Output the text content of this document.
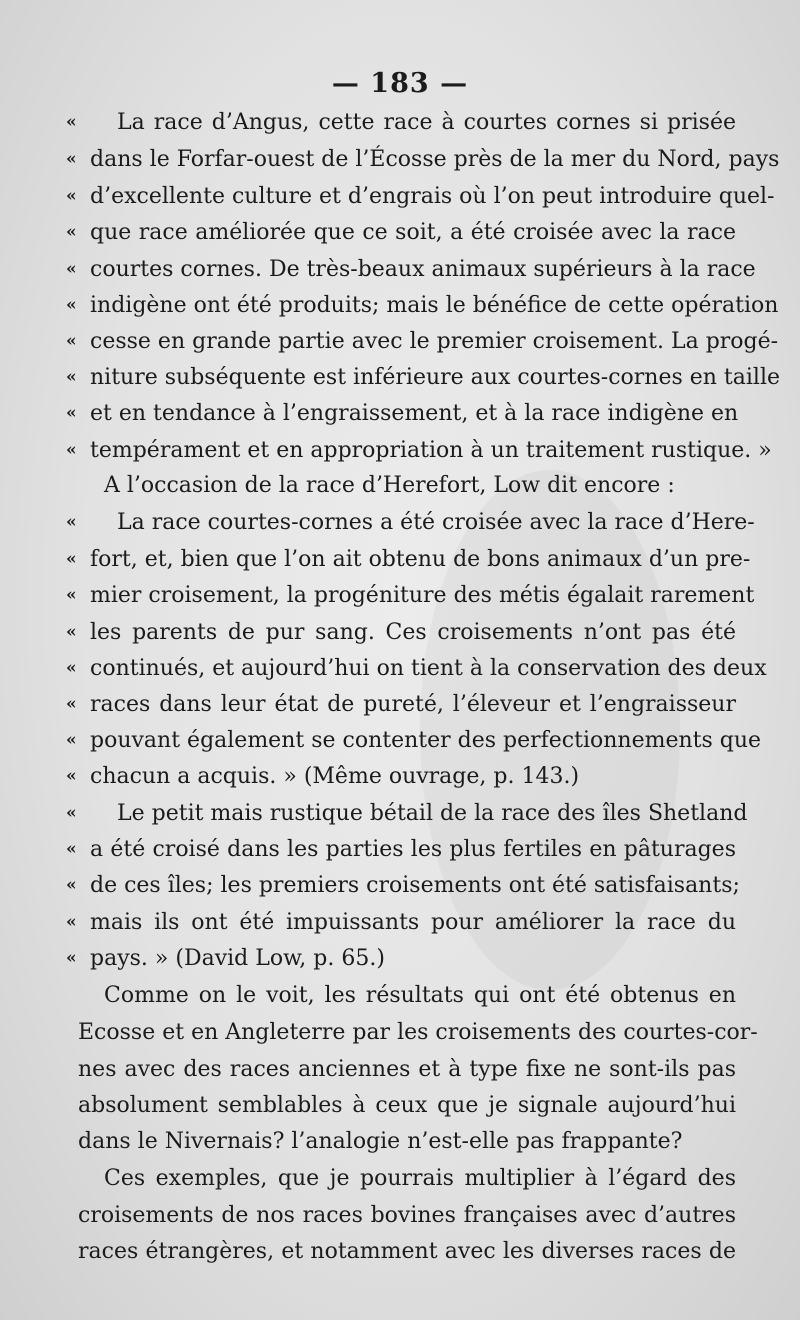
— 183 —
« La race d’Angus, cette race à courtes cornes si prisée
« dans le Forfar-ouest de l’Écosse près de la mer du Nord, pays
« d’excellente culture et d’engrais où l’on peut introduire quel-
« que race améliorée que ce soit, a été croisée avec la race
« courtes cornes. De très-beaux animaux supérieurs à la race
« indigène ont été produits; mais le bénéfice de cette opération
« cesse en grande partie avec le premier croisement. La progé-
« niture subséquente est inférieure aux courtes-cornes en taille
« et en tendance à l’engraissement, et à la race indigène en
« tempérament et en appropriation à un traitement rustique. »
A l’occasion de la race d’Herefort, Low dit encore :
« La race courtes-cornes a été croisée avec la race d’Here-
« fort, et, bien que l’on ait obtenu de bons animaux d’un pre-
« mier croisement, la progéniture des métis égalait rarement
« les parents de pur sang. Ces croisements n’ont pas été
« continués, et aujourd’hui on tient à la conservation des deux
« races dans leur état de pureté, l’éleveur et l’engraisseur
« pouvant également se contenter des perfectionnements que
« chacun a acquis. » (Même ouvrage, p. 143.)
« Le petit mais rustique bétail de la race des îles Shetland
« a été croisé dans les parties les plus fertiles en pâturages
« de ces îles; les premiers croisements ont été satisfaisants;
« mais ils ont été impuissants pour améliorer la race du
« pays. » (David Low, p. 65.)
Comme on le voit, les résultats qui ont été obtenus en
Ecosse et en Angleterre par les croisements des courtes-cor-
nes avec des races anciennes et à type fixe ne sont-ils pas
absolument semblables à ceux que je signale aujourd’hui
dans le Nivernais? l’analogie n’est-elle pas frappante?
Ces exemples, que je pourrais multiplier à l’égard des
croisements de nos races bovines françaises avec d’autres
races étrangères, et notamment avec les diverses races de
